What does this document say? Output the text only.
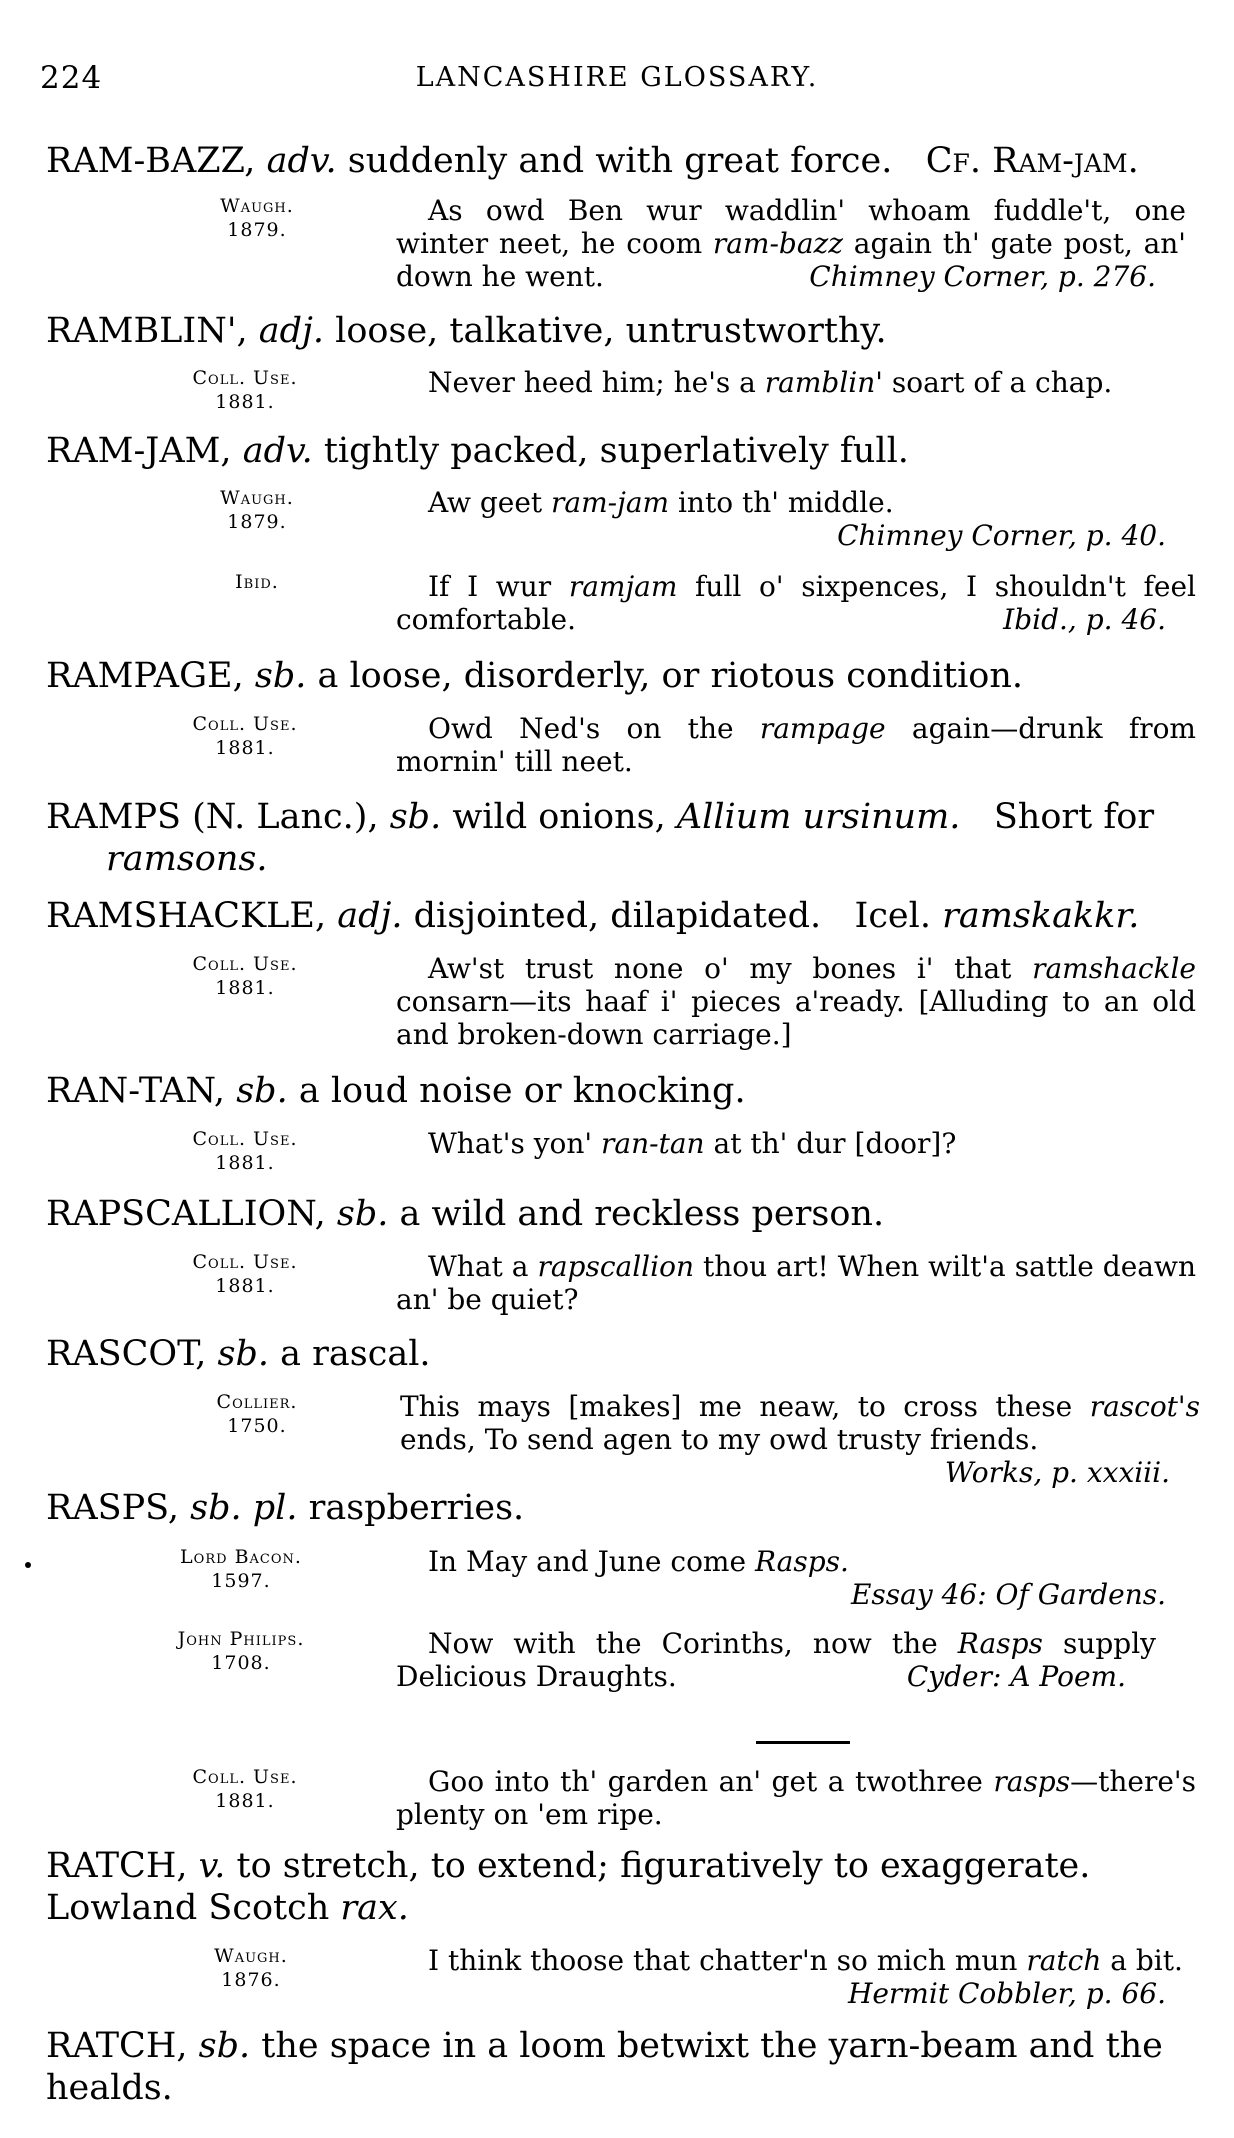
224	LANCASHIRE GLOSSARY.
RAM-BAZZ, adv. suddenly and with great force. Cf. Ram-jam.
Waugh.
1879.
As owd Ben wur waddlin' whoam fuddle't, one winter neet, he coom ram-bazz again th' gate post, an' down he went.	Chimney Corner, p. 276.
RAMBLIN', adj. loose, talkative, untrustworthy.
Coll. Use.
1881.
Never heed him; he's a ramblin' soart of a chap.
RAM-JAM, adv. tightly packed, superlatively full.
Waugh.
1879.
Aw geet ram-jam into th' middle.
Chimney Corner, p. 40.
Ibid.	If I wur ramjam full o' sixpences, I shouldn't feel comfortable.	Ibid., p. 46.
RAMPAGE, sb. a loose, disorderly, or riotous condition.
Coll. Use.
1881.
Owd Ned's on the rampage again—drunk from mornin' till neet.
RAMPS (N. Lanc.), sb. wild onions, Allium ursinum. Short for
ramsons.
RAMSHACKLE, adj. disjointed, dilapidated. Icel. ramskakkr.
Coll. Use.
1881.
Aw'st trust none o' my bones i' that ramshackle consarn—its haaf i' pieces a'ready. [Alluding to an old and broken-down carriage.]
RAN-TAN, sb. a loud noise or knocking.
Coll. Use.
1881.
What's yon' ran-tan at th' dur [door]?
RAPSCALLION, sb. a wild and reckless person.
Coll. Use.
1881.
What a rapscallion thou art! When wilt'a sattle deawn an' be quiet?
RASCOT, sb. a rascal.
Collier.
1750.
This mays [makes] me neaw, to cross these rascot's ends, To send agen to my owd trusty friends.
Works, p. xxxiii.
RASPS, sb. pl. raspberries.
Lord Bacon.
1597.
In May and June come Rasps.
Essay 46: Of Gardens.
John Philips.
1708.
Now with the Corinths, now the Rasps supply Delicious Draughts.	Cyder: A Poem.
Coll. Use.
1881.
Goo into th' garden an' get a twothree rasps—there's plenty on 'em ripe.
RATCH, v. to stretch, to extend; figuratively to exaggerate. Lowland Scotch rax.
Waugh.
1876.
I think thoose that chatter'n so mich mun ratch a bit.
Hermit Cobbler, p. 66.
RATCH, sb. the space in a loom betwixt the yarn-beam and the healds.
